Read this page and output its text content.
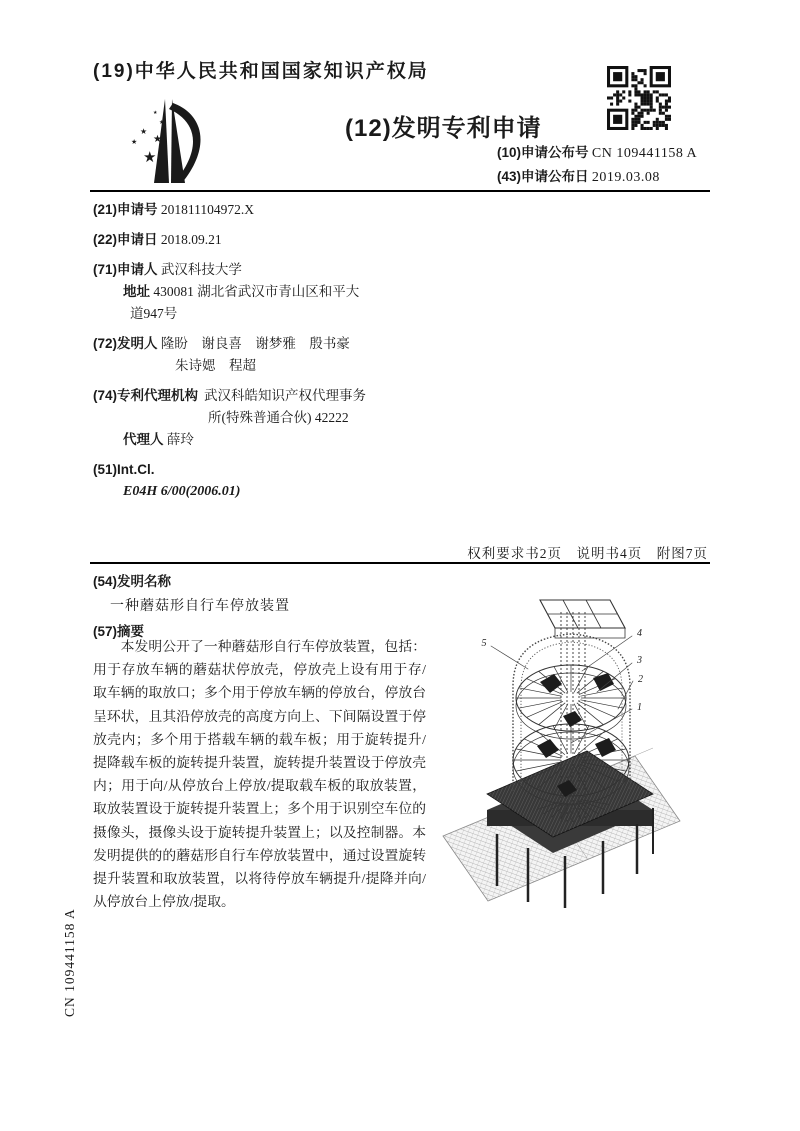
(19)中华人民共和国国家知识产权局
★
★
★
★
★
★
(12)发明专利申请
(10)申请公布号 CN 109441158 A
(43)申请公布日 2019.03.08
(21)申请号 201811104972.X
(22)申请日 2018.09.21
(71)申请人 武汉科技大学
地址 430081 湖北省武汉市青山区和平大
道947号
(72)发明人 隆盼　谢良喜　谢梦雅　殷书豪
朱诗媤　程超
(74)专利代理机构 武汉科皓知识产权代理事务
所(特殊普通合伙) 42222
代理人 薛玲
(51)Int.Cl.
E04H 6/00(2006.01)
权利要求书2页　说明书4页　附图7页
(54)发明名称
一种蘑菇形自行车停放装置
(57)摘要
本发明公开了一种蘑菇形自行车停放装置，包括：用于存放车辆的蘑菇状停放壳，停放壳上设有用于存/取车辆的取放口；多个用于停放车辆的停放台，停放台呈环状，且其沿停放壳的高度方向上、下间隔设置于停放壳内；多个用于搭载车辆的载车板；用于旋转提升/提降载车板的旋转提升装置，旋转提升装置设于停放壳内；用于向/从停放台上停放/提取载车板的取放装置，取放装置设于旋转提升装置上；多个用于识别空车位的摄像头，摄像头设于旋转提升装置上；以及控制器。本发明提供的的蘑菇形自行车停放装置中，通过设置旋转提升装置和取放装置，以将待停放车辆提升/提降并向/从停放台上停放/提取。
CN 109441158 A
5
4
3
2
1
